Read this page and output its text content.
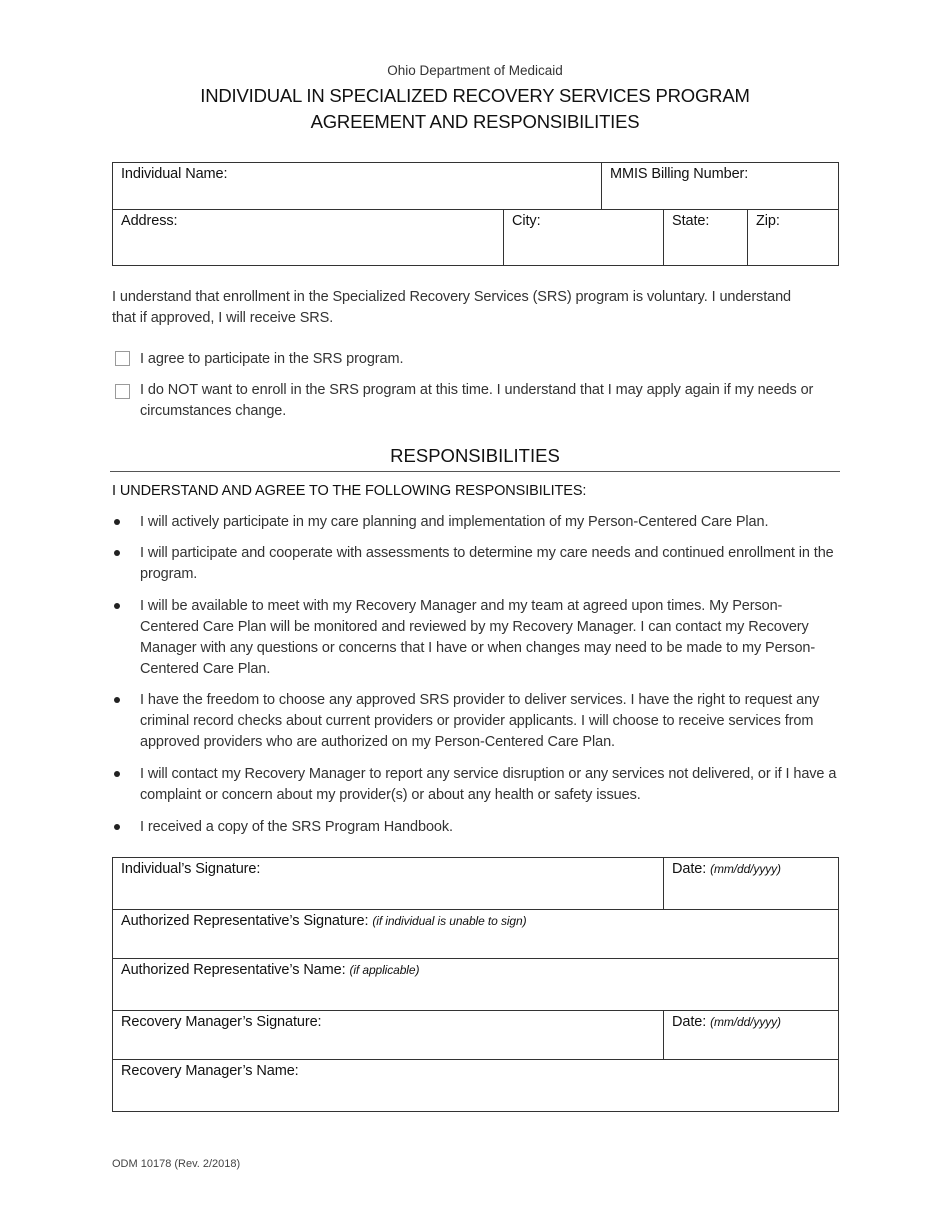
Ohio Department of Medicaid
INDIVIDUAL IN SPECIALIZED RECOVERY SERVICES PROGRAM
AGREEMENT AND RESPONSIBILITIES
Individual Name:		MMIS Billing Number:		

Address:	City:		State:	Zip:
I understand that enrollment in the Specialized Recovery Services (SRS) program is voluntary. I understand that if approved, I will receive SRS.
I agree to participate in the SRS program.
I do NOT want to enroll in the SRS program at this time. I understand that I may apply again if my needs or circumstances change.
RESPONSIBILITIES
I UNDERSTAND AND AGREE TO THE FOLLOWING RESPONSIBILITES:
I will actively participate in my care planning and implementation of my Person-Centered Care Plan.
I will participate and cooperate with assessments to determine my care needs and continued enrollment in the program.
I will be available to meet with my Recovery Manager and my team at agreed upon times. My Person-Centered Care Plan will be monitored and reviewed by my Recovery Manager. I can contact my Recovery Manager with any questions or concerns that I have or when changes may need to be made to my Person-Centered Care Plan.
I have the freedom to choose any approved SRS provider to deliver services. I have the right to request any criminal record checks about current providers or provider applicants. I will choose to receive services from approved providers who are authorized on my Person-Centered Care Plan.
I will contact my Recovery Manager to report any service disruption or any services not delivered, or if I have a complaint or concern about my provider(s) or about any health or safety issues.
I received a copy of the SRS Program Handbook.
Individual’s Signature:	Date: (mm/dd/yyyy)

Authorized Representative’s Signature: (if individual is unable to sign)	

Authorized Representative’s Name: (if applicable)	

Recovery Manager’s Signature:	Date: (mm/dd/yyyy)

Recovery Manager’s Name:	
ODM 10178 (Rev. 2/2018)
